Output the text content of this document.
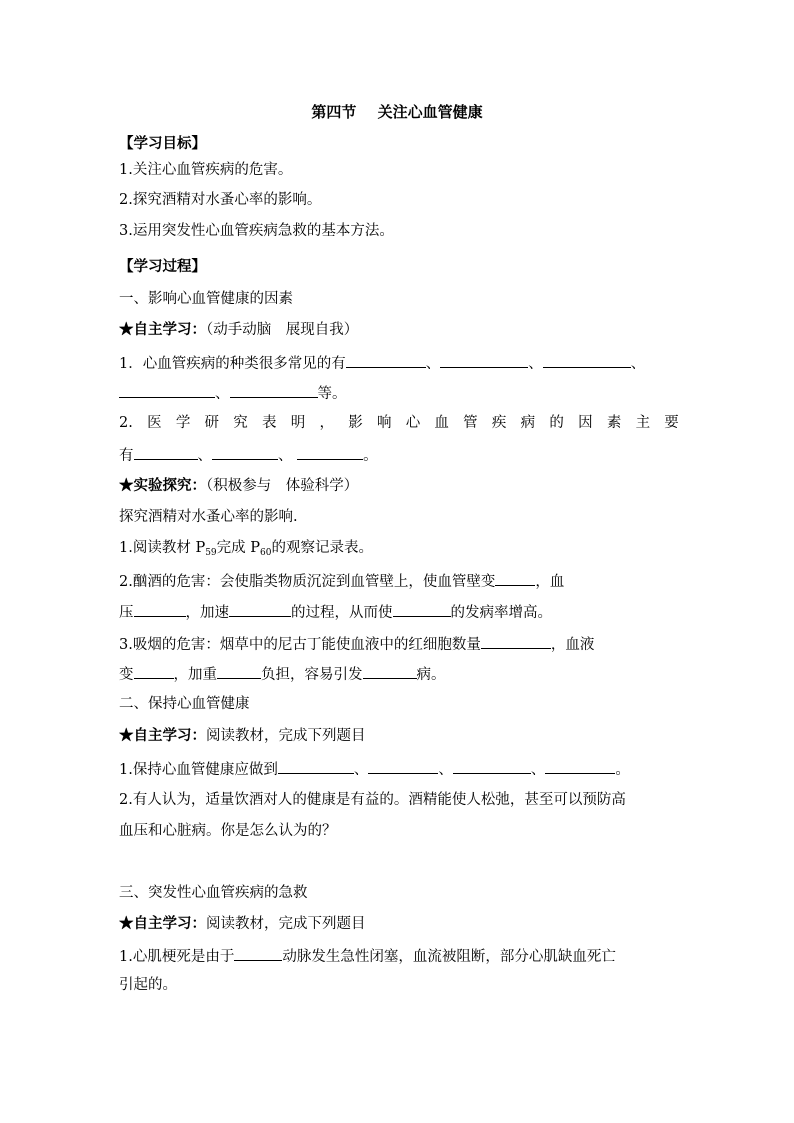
第四节 关注心血管健康
【学习目标】
1.关注心血管疾病的危害。
2.探究酒精对水蚤心率的影响。
3.运用突发性心血管疾病急救的基本方法。
【学习过程】
一、影响心血管健康的因素
★自主学习：（动手动脑　展现自我）
1．心血管疾病的种类很多常见的有	、	、	、
、	等。
2. 医 学 研 究 表 明 ， 影 响 心 血 管 疾 病 的 因 素 主 要
有	、	、	。
★实验探究：（积极参与　体验科学）
探究酒精对水蚤心率的影响.
1.阅读教材 $P_{59}$完成 $P_{60}$的观察记录表。
2.酗酒的危害：会使脂类物质沉淀到血管壁上，使血管壁变	，血
压	，加速	的过程，从而使	的发病率增高。
3.吸烟的危害：烟草中的尼古丁能使血液中的红细胞数量	，血液
变	，加重	负担，容易引发	病。
二、保持心血管健康
★自主学习：阅读教材，完成下列题目
1.保持心血管健康应做到	、	、	、	。
2.有人认为，适量饮酒对人的健康是有益的。酒精能使人松弛，甚至可以预防高
血压和心脏病。你是怎么认为的？
三、突发性心血管疾病的急救
★自主学习：阅读教材，完成下列题目
1.心肌梗死是由于	动脉发生急性闭塞，血流被阻断，部分心肌缺血死亡
引起的。
